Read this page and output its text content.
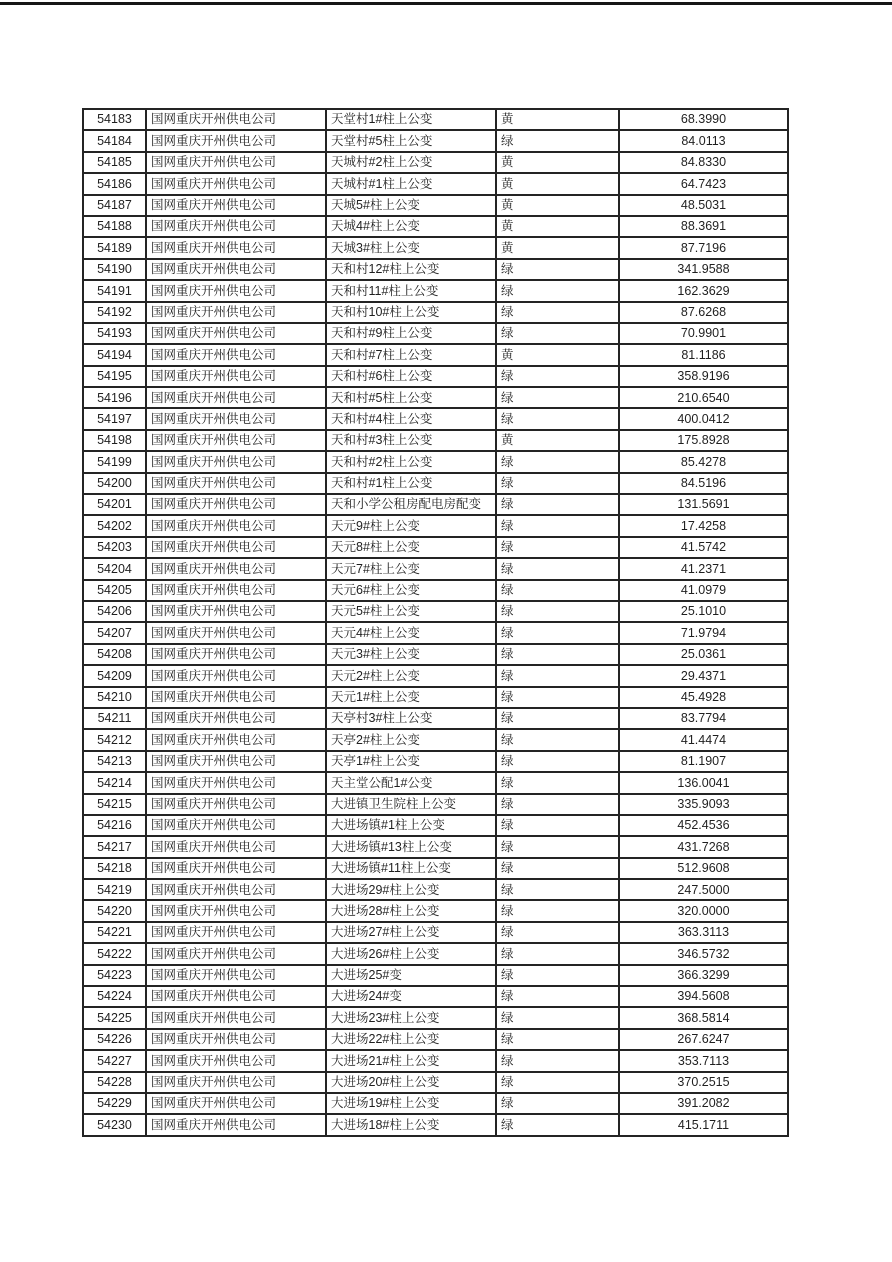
54183	国网重庆开州供电公司	天堂村1#柱上公变	黄	68.3990
54184	国网重庆开州供电公司	天堂村#5柱上公变	绿	84.0113
54185	国网重庆开州供电公司	天城村#2柱上公变	黄	84.8330
54186	国网重庆开州供电公司	天城村#1柱上公变	黄	64.7423
54187	国网重庆开州供电公司	天城5#柱上公变	黄	48.5031
54188	国网重庆开州供电公司	天城4#柱上公变	黄	88.3691
54189	国网重庆开州供电公司	天城3#柱上公变	黄	87.7196
54190	国网重庆开州供电公司	天和村12#柱上公变	绿	341.9588
54191	国网重庆开州供电公司	天和村11#柱上公变	绿	162.3629
54192	国网重庆开州供电公司	天和村10#柱上公变	绿	87.6268
54193	国网重庆开州供电公司	天和村#9柱上公变	绿	70.9901
54194	国网重庆开州供电公司	天和村#7柱上公变	黄	81.1186
54195	国网重庆开州供电公司	天和村#6柱上公变	绿	358.9196
54196	国网重庆开州供电公司	天和村#5柱上公变	绿	210.6540
54197	国网重庆开州供电公司	天和村#4柱上公变	绿	400.0412
54198	国网重庆开州供电公司	天和村#3柱上公变	黄	175.8928
54199	国网重庆开州供电公司	天和村#2柱上公变	绿	85.4278
54200	国网重庆开州供电公司	天和村#1柱上公变	绿	84.5196
54201	国网重庆开州供电公司	天和小学公租房配电房配变	绿	131.5691
54202	国网重庆开州供电公司	天元9#柱上公变	绿	17.4258
54203	国网重庆开州供电公司	天元8#柱上公变	绿	41.5742
54204	国网重庆开州供电公司	天元7#柱上公变	绿	41.2371
54205	国网重庆开州供电公司	天元6#柱上公变	绿	41.0979
54206	国网重庆开州供电公司	天元5#柱上公变	绿	25.1010
54207	国网重庆开州供电公司	天元4#柱上公变	绿	71.9794
54208	国网重庆开州供电公司	天元3#柱上公变	绿	25.0361
54209	国网重庆开州供电公司	天元2#柱上公变	绿	29.4371
54210	国网重庆开州供电公司	天元1#柱上公变	绿	45.4928
54211	国网重庆开州供电公司	天亭村3#柱上公变	绿	83.7794
54212	国网重庆开州供电公司	天亭2#柱上公变	绿	41.4474
54213	国网重庆开州供电公司	天亭1#柱上公变	绿	81.1907
54214	国网重庆开州供电公司	天主堂公配1#公变	绿	136.0041
54215	国网重庆开州供电公司	大进镇卫生院柱上公变	绿	335.9093
54216	国网重庆开州供电公司	大进场镇#1柱上公变	绿	452.4536
54217	国网重庆开州供电公司	大进场镇#13柱上公变	绿	431.7268
54218	国网重庆开州供电公司	大进场镇#11柱上公变	绿	512.9608
54219	国网重庆开州供电公司	大进场29#柱上公变	绿	247.5000
54220	国网重庆开州供电公司	大进场28#柱上公变	绿	320.0000
54221	国网重庆开州供电公司	大进场27#柱上公变	绿	363.3113
54222	国网重庆开州供电公司	大进场26#柱上公变	绿	346.5732
54223	国网重庆开州供电公司	大进场25#变	绿	366.3299
54224	国网重庆开州供电公司	大进场24#变	绿	394.5608
54225	国网重庆开州供电公司	大进场23#柱上公变	绿	368.5814
54226	国网重庆开州供电公司	大进场22#柱上公变	绿	267.6247
54227	国网重庆开州供电公司	大进场21#柱上公变	绿	353.7113
54228	国网重庆开州供电公司	大进场20#柱上公变	绿	370.2515
54229	国网重庆开州供电公司	大进场19#柱上公变	绿	391.2082
54230	国网重庆开州供电公司	大进场18#柱上公变	绿	415.1711
